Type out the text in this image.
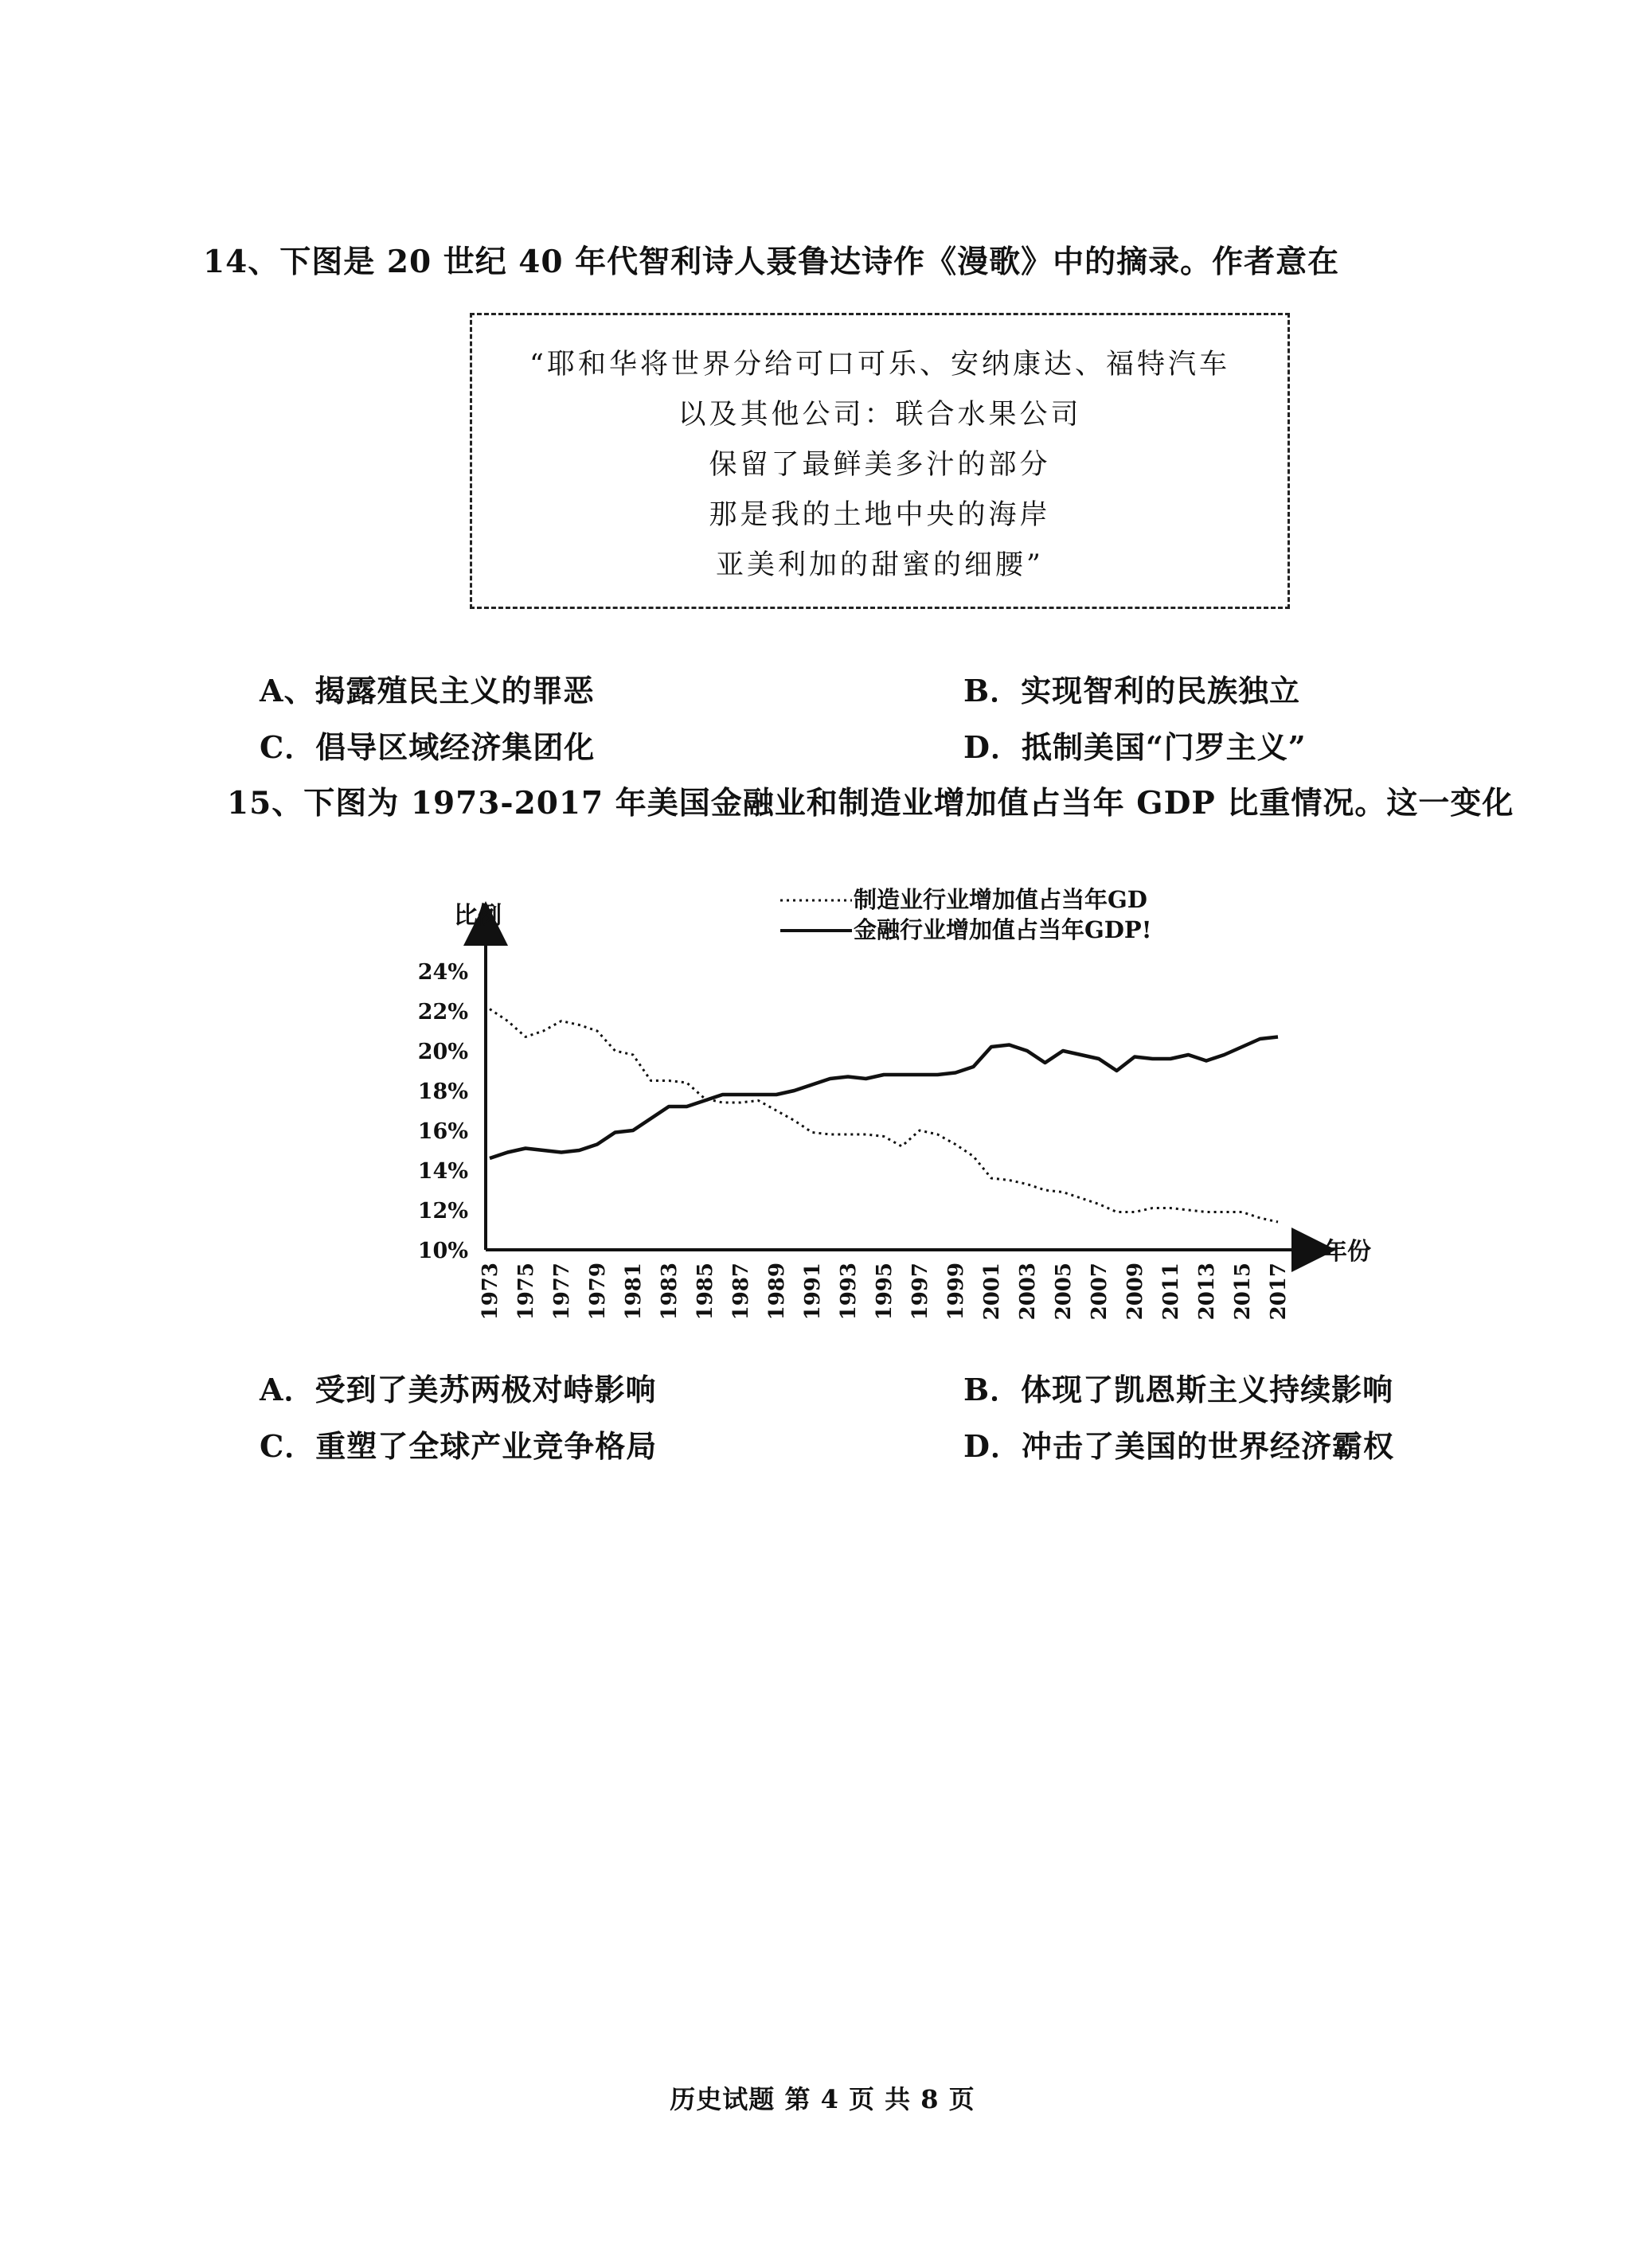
14、下图是 20 世纪 40 年代智利诗人聂鲁达诗作《漫歌》中的摘录。作者意在
“耶和华将世界分给可口可乐、安纳康达、福特汽车
以及其他公司：联合水果公司
保留了最鲜美多汁的部分
那是我的土地中央的海岸
亚美利加的甜蜜的细腰”
A、揭露殖民主义的罪恶	B．实现智利的民族独立
C．倡导区域经济集团化	D．抵制美国“门罗主义”
15、下图为 1973-2017 年美国金融业和制造业增加值占当年 GDP 比重情况。这一变化
比例
年份
24%
22%
20%
18%
16%
14%
12%
10%
1973 1975 1977 1979 1981 1983 1985 1987 1989 1991 1993 1995 1997 1999 2001 2003 2005 2007 2009 2011 2013 2015 2017
制造业行业增加值占当年GD
金融行业增加值占当年GDP!
A．受到了美苏两极对峙影响	B．体现了凯恩斯主义持续影响
C．重塑了全球产业竞争格局	D．冲击了美国的世界经济霸权
历史试题 第 4 页 共 8 页
